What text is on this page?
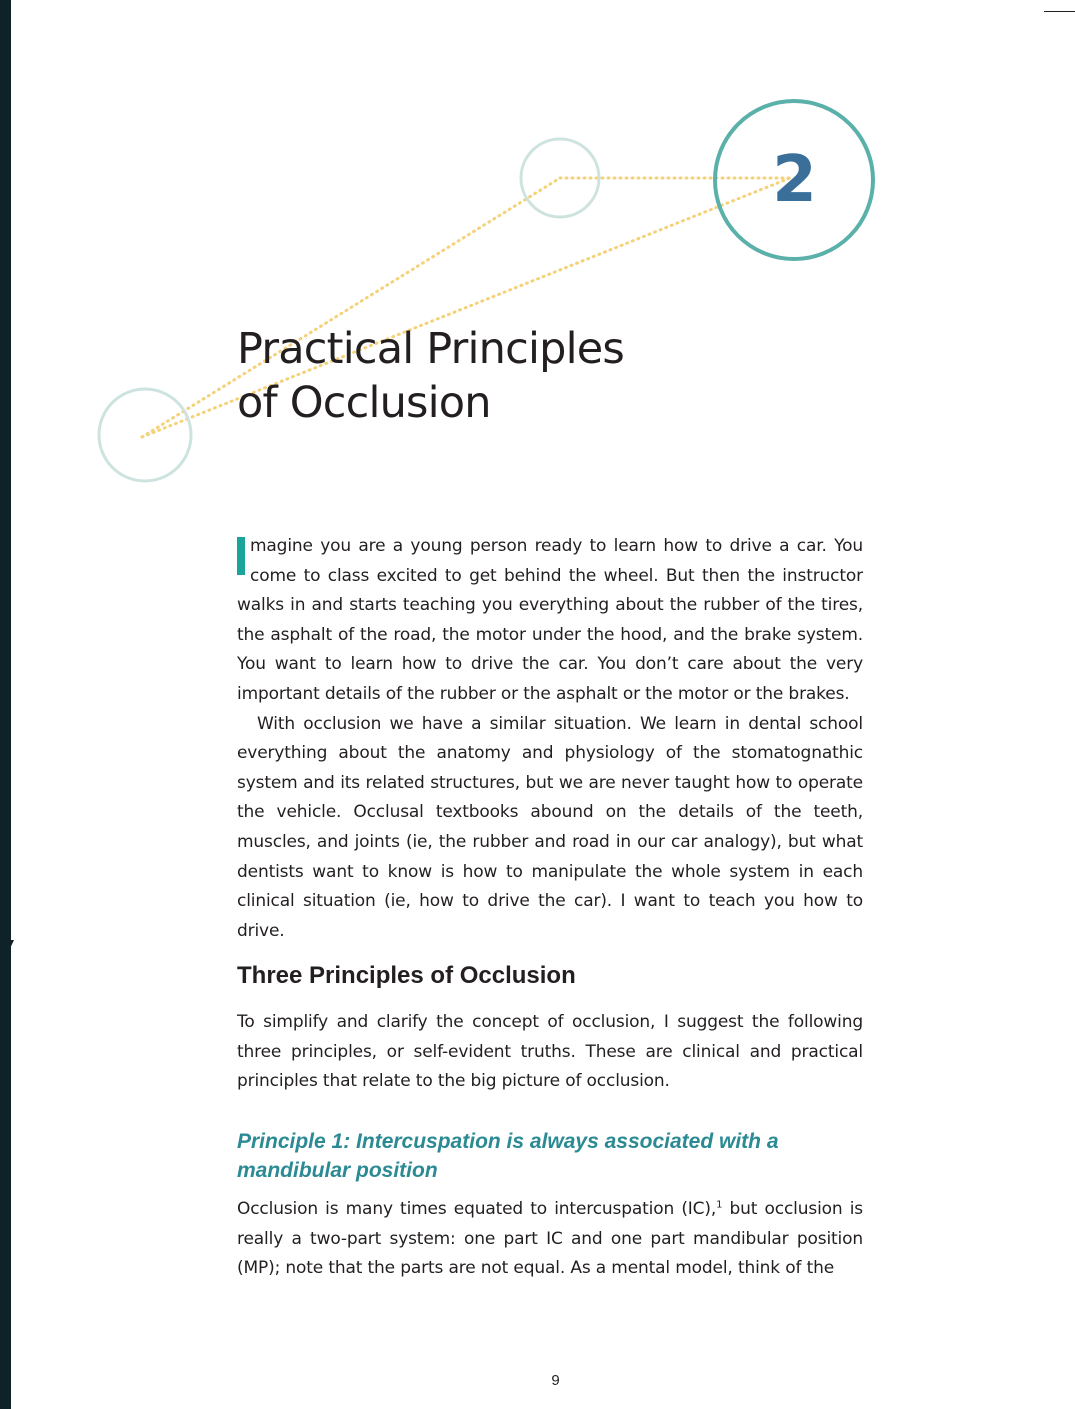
2
Practical Principles
of Occlusion

magine you are a young person ready to learn how to drive a car. You come to class excited to get behind the wheel. But then the instructor walks in and starts teaching you everything about the rubber of the tires, the asphalt of the road, the motor under the hood, and the brake system. You want to learn how to drive the car. You don’t care about the very important details of the rubber or the asphalt or the motor or the brakes.

With occlusion we have a similar situation. We learn in dental school everything about the anatomy and physiology of the stomatognathic system and its related structures, but we are never taught how to operate the vehicle. Occlusal textbooks abound on the details of the teeth, muscles, and joints (ie, the rubber and road in our car analogy), but what dentists want to know is how to manipulate the whole system in each clinical situation (ie, how to drive the car). I want to teach you how to drive.

Three Principles of Occlusion

To simplify and clarify the concept of occlusion, I suggest the following three principles, or self-evident truths. These are clinical and practical principles that relate to the big picture of occlusion.

Principle 1: Intercuspation is always associated with a
mandibular position

Occlusion is many times equated to intercuspation (IC),$^1$ but occlusion is really a two-part system: one part IC and one part mandibular position (MP); note that the parts are not equal. As a mental model, think of the

9
